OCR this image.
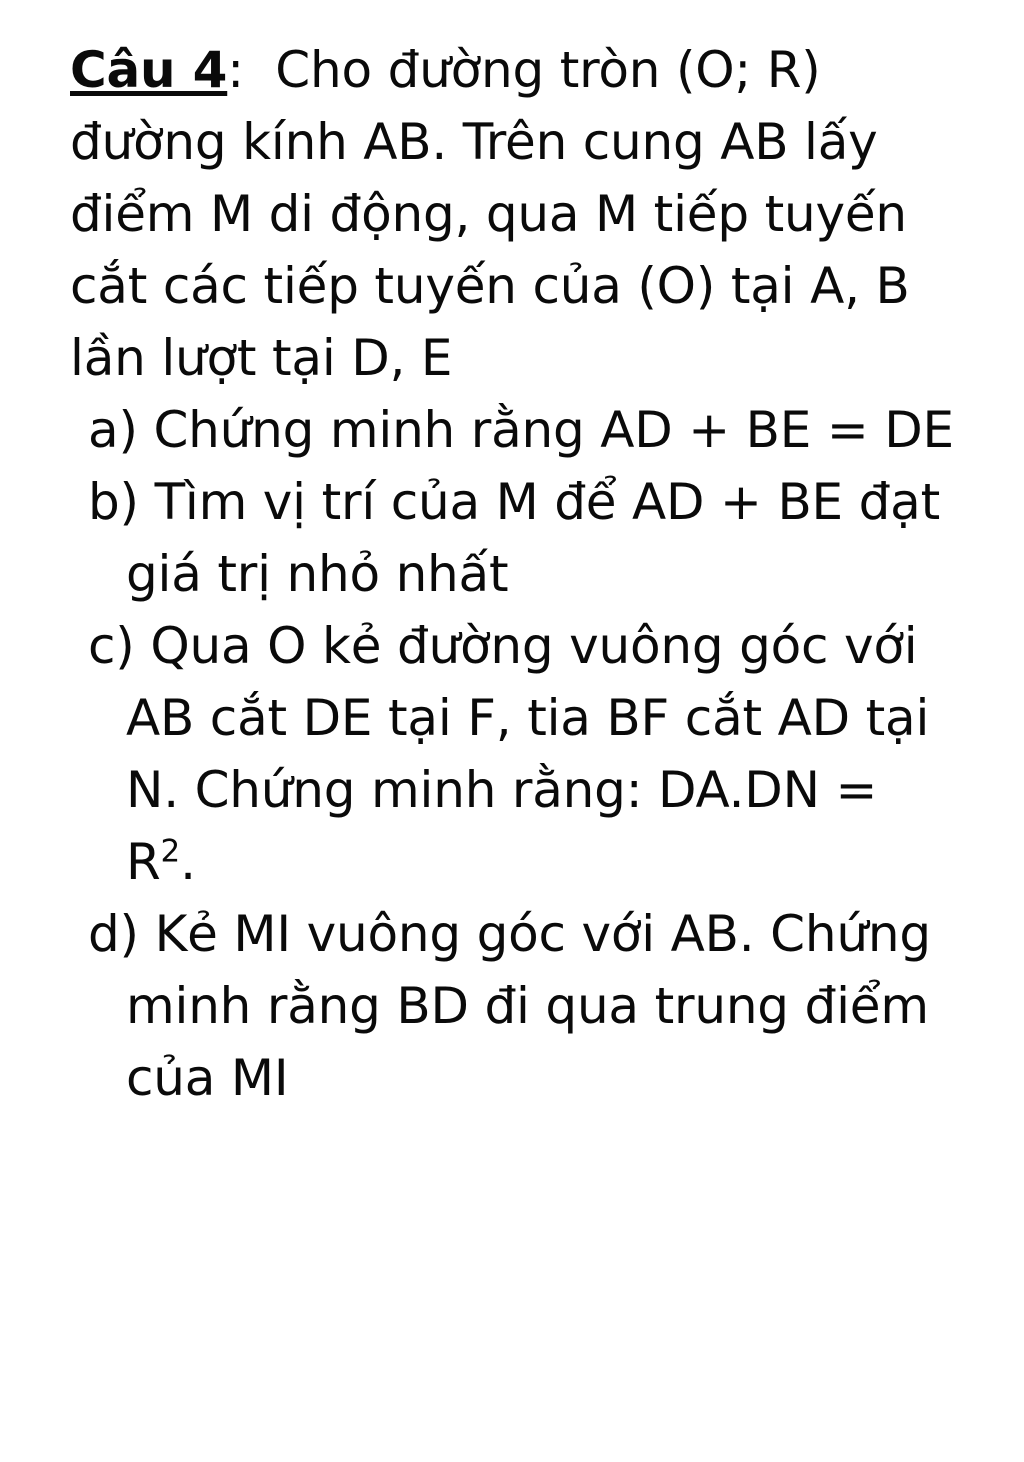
Câu 4: Cho đường tròn (O; R) đường kính AB. Trên cung AB lấy điểm M di động, qua M tiếp tuyến cắt các tiếp tuyến của (O) tại A, B lần lượt tại D, E

a) Chứng minh rằng AD + BE = DE
b) Tìm vị trí của M để AD + BE đạt giá trị nhỏ nhất
c) Qua O kẻ đường vuông góc với AB cắt DE tại F, tia BF cắt AD tại N. Chứng minh rằng: $DA.DN = R^2$.
d) Kẻ MI vuông góc với AB. Chứng minh rằng BD đi qua trung điểm của MI
